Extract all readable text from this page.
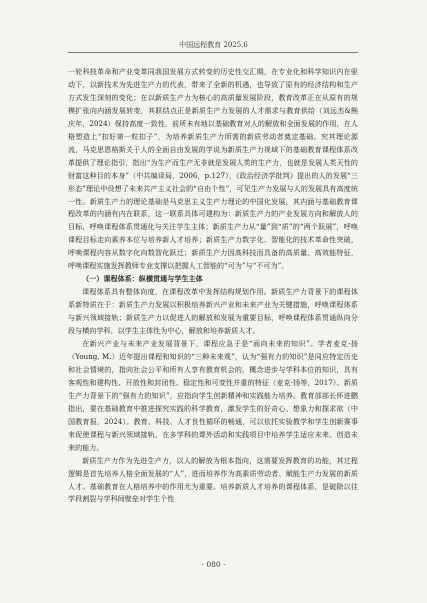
中国远程教育 2025.6

一轮科技革命和产业变革同我国发展方式转变的历史性交汇期，在专业化和科学知识内在驱动下，以新技术为先进生产力的代表，带来了全新的机遇，也导致了原有的经济结构和生产方式发生深刻的变化；在以新质生产力为核心的高质量发展阶段，教育改革正在从原有的规模扩张向内涵发展转变，其联结点正是新质生产力发展的人才需求与教育供给（刘远杰&熊庆年，2024）保持高度一致性，前所未有地以基础教育对人的解放和全面发展的作用，在人格塑造上“扣好第一粒扣子”，为培养新质生产力所需的新质劳动者奠定基础。究其理论源流，马克思恩格斯关于人的全面自由发展的学说为新质生产力视域下的基础教育课程体系改革提供了理论指引，指出“为生产而生产无非就是发展人类的生产力，也就是发展人类天性的财富这种目的本身”（中共编译局，2006，p.127），《政治经济学批判》提出的人的发展“三形态”理论中设想了未来共产主义社会的“自由个性”，可见生产力发展与人的发展具有高度统一性。新质生产力的理论基础是马克思主义生产力理论的中国化发展，其内涵与基础教育课程改革的内涵有内在联系，这一联系具体可建构为：新质生产力的产业发展方向和解放人的目标，呼唤课程体系贯通化与关注学生主体；新质生产力从“量”到“质”的“两个跃展”，呼唤课程目标走向素养本位与培养新人才培养；新质生产力数字化、智能化的技术革命性突破，呼唤课程内容从数字化向数智化跃迁；新质生产力因高科技而具备的高质量、高效能特征，呼唤课程实施发挥教师专业支撑以把握人工智能的“可为”与“不可为”。

（一）课程体系：纵横贯通与学生主体

课程体系具有整体向度，在课程改革中发挥结构规划作用。新质生产力背景下的课程体系新特质在于：新质生产力发展以积极培养新兴产业和未来产业为关键措施，呼唤课程体系与新兴领域接轨；新质生产力以促进人的解放和发展为重要目标，呼唤课程体系贯通纵向分段与横向学科，以学生主体性为中心，解放和培养新质人才。

在新兴产业与未来产业发展背景下，课程应急于是“面向未来的知识”。学者麦克·扬（Young, M.）近年提出课程和知识的“三种未来观”，认为“强有力的知识”是同应特定历史和社会情境的，指向社会公平和所有人享有教育机会的，概念进步与学科本位的知识，具有客观性和建构性、开放性和封闭性、稳定性和可变性并重的特征（麦克·扬等，2017）。新质生产力背景下的“强有力的知识”，应指向学生创新精神和实践能力培养。教育部部长怀进鹏指出，要在基础教育中推进探究实践的科学教育，激发学生的好奇心、想象力和探求欲（中国教育报，2024）。教育、科技、人才良性循环的畅通，可以依托实验教学和学生创新赛事来促使课程与新兴领域接轨，在多学科的课外活动和实践项目中培养学生适应未来、创造未来的能力。

新质生产力作为先进生产力，以人的解放为根本指向，这需要发挥教育的功能，其过程逻辑是首先培养人格全面发展的“人”，进而培养作为高素质劳动者、赋能生产力发展的新质人才。基础教育在人格培养中的作用尤为重要。培养新质人才培养的课程体系，是破除以往学段割裂与学科间壁垒对学生个性

· 080 ·
